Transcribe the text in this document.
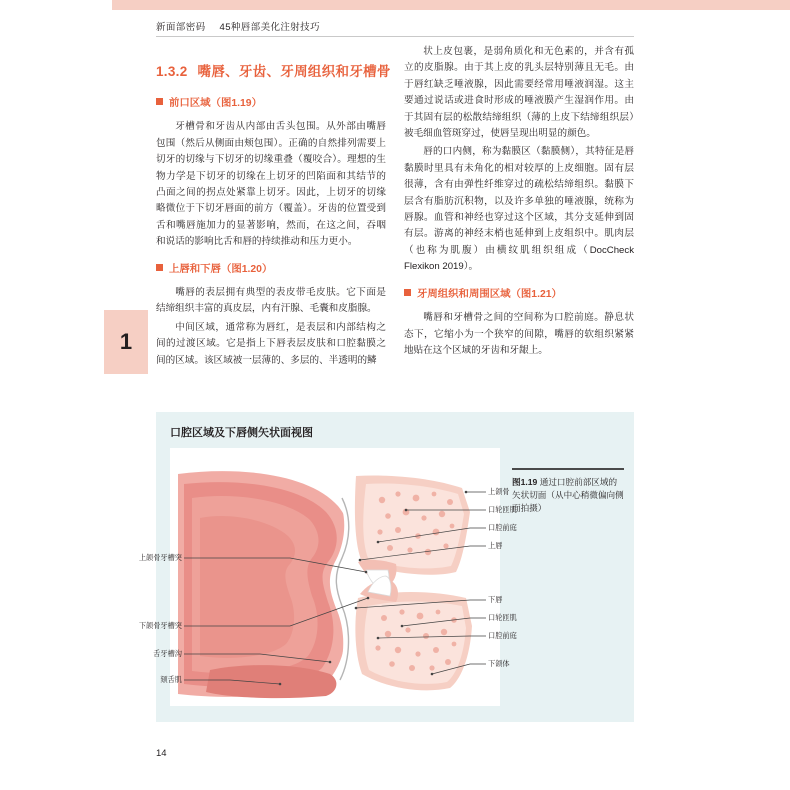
1
新面部密码 45种唇部美化注射技巧
1.3.2 嘴唇、牙齿、牙周组织和牙槽骨
前口区域（图1.19）

牙槽骨和牙齿从内部由舌头包围。从外部由嘴唇包围（然后从侧面由颊包围）。正确的自然排列需要上切牙的切缘与下切牙的切缘重叠（覆咬合）。理想的生物力学是下切牙的切缘在上切牙的凹陷面和其结节的凸面之间的拐点处紧靠上切牙。因此，上切牙的切缘略微位于下切牙唇面的前方（覆盖）。牙齿的位置受到舌和嘴唇施加力的显著影响，然而，在这之间，吞咽和说话的影响比舌和唇的持续推动和压力更小。

上唇和下唇（图1.20）

嘴唇的表层拥有典型的表皮带毛皮肤。它下面是结缔组织丰富的真皮层，内有汗腺、毛囊和皮脂腺。

中间区域，通常称为唇红，是表层和内部结构之间的过渡区域。它是指上下唇表层皮肤和口腔黏膜之间的区域。该区域被一层薄的、多层的、半透明的鳞

状上皮包裹，是弱角质化和无色素的，并含有孤立的皮脂腺。由于其上皮的乳头层特别薄且无毛。由于唇红缺乏唾液腺，因此需要经常用唾液润湿。这主要通过说话或进食时形成的唾液膜产生湿润作用。由于其固有层的松散结缔组织（薄的上皮下结缔组织层）被毛细血管斑穿过，使唇呈现出明显的颜色。

唇的口内侧，称为黏膜区（黏膜侧），其特征是唇黏膜时里具有未角化的相对较厚的上皮细胞。固有层很薄，含有由弹性纤维穿过的疏松结缔组织。黏膜下层含有脂肪沉积物，以及许多单独的唾液腺，统称为唇腺。血管和神经也穿过这个区域，其分支延伸到固有层。游离的神经末梢也延伸到上皮组织中。肌肉层（也称为肌腹）由横纹肌组织组成（DocCheck Flexikon 2019）。

牙周组织和周围区域（图1.21）

嘴唇和牙槽骨之间的空间称为口腔前庭。静息状态下，它缩小为一个狭窄的间隙，嘴唇的软组织紧紧地贴在这个区域的牙齿和牙龈上。

口腔区域及下唇侧矢状面视图
上颌骨
口轮匝肌
口腔前庭
上唇
下唇
口轮匝肌
口腔前庭
下颌体
上颌骨牙槽突
下颌骨牙槽突
舌牙槽沟
颏舌肌
图1.19 通过口腔前部区域的矢状切面（从中心稍微偏向侧面拍摄）
14
